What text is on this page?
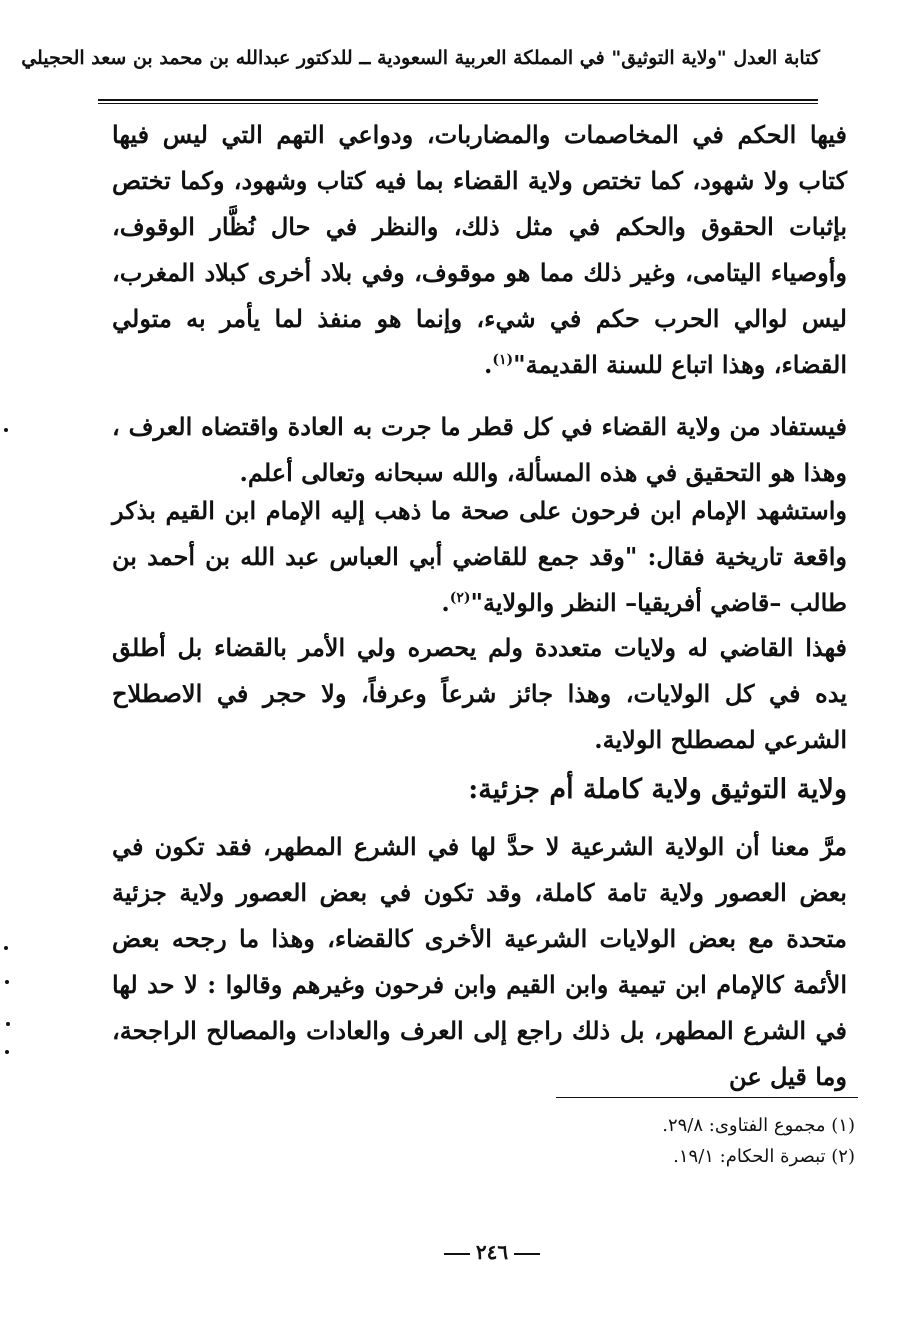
كتابة العدل "ولاية التوثيق" في المملكة العربية السعودية ــ للدكتور عبدالله بن محمد بن سعد الحجيلي
فيها الحكم في المخاصمات والمضاربات، ودواعي التهم التي ليس فيها كتاب ولا شهود، كما تختص ولاية القضاء بما فيه كتاب وشهود، وكما تختص بإثبات الحقوق والحكم في مثل ذلك، والنظر في حال نُظَّار الوقوف، وأوصياء اليتامى، وغير ذلك مما هو موقوف، وفي بلاد أخرى كبلاد المغرب، ليس لوالي الحرب حكم في شيء، وإنما هو منفذ لما يأمر به متولي القضاء، وهذا اتباع للسنة القديمة"$^{(١)}$.
فيستفاد من ولاية القضاء في كل قطر ما جرت به العادة واقتضاه العرف ، وهذا هو التحقيق في هذه المسألة، والله سبحانه وتعالى أعلم.
واستشهد الإمام ابن فرحون على صحة ما ذهب إليه الإمام ابن القيم بذكر واقعة تاريخية فقال: "وقد جمع للقاضي أبي العباس عبد الله بن أحمد بن طالب –قاضي أفريقيا– النظر والولاية"$^{(٢)}$.
فهذا القاضي له ولايات متعددة ولم يحصره ولي الأمر بالقضاء بل أطلق يده في كل الولايات، وهذا جائز شرعاً وعرفاً، ولا حجر في الاصطلاح الشرعي لمصطلح الولاية.
ولاية التوثيق ولاية كاملة أم جزئية:
مرَّ معنا أن الولاية الشرعية لا حدَّ لها في الشرع المطهر، فقد تكون في بعض العصور ولاية تامة كاملة، وقد تكون في بعض العصور ولاية جزئية متحدة مع بعض الولايات الشرعية الأخرى كالقضاء، وهذا ما رجحه بعض الأئمة كالإمام ابن تيمية وابن القيم وابن فرحون وغيرهم وقالوا : لا حد لها في الشرع المطهر، بل ذلك راجع إلى العرف والعادات والمصالح الراجحة، وما قيل عن
(١) مجموع الفتاوى: ٢٩/٨.
(٢) تبصرة الحكام: ١٩/١.
٢٤٦
